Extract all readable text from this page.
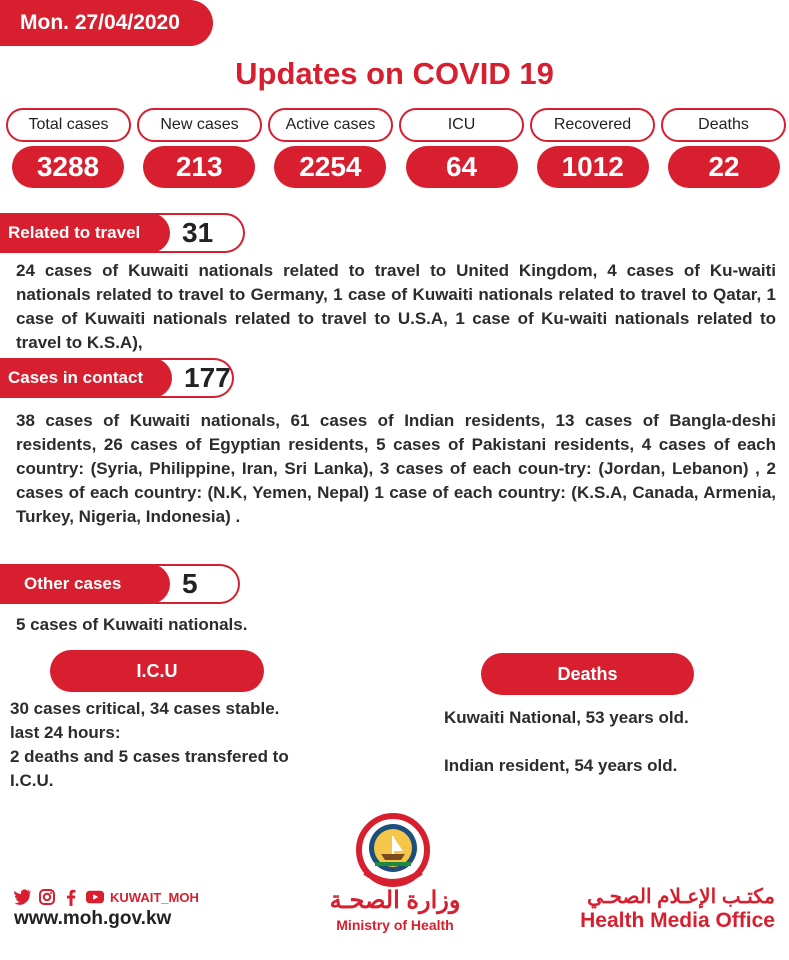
Mon. 27/04/2020
Updates on COVID 19
Total cases	New cases	Active cases	ICU	Recovered	Deaths
3288	213	2254	64	1012	22
Related to travel	31
24 cases of Kuwaiti nationals related to travel to United Kingdom, 4 cases of Ku-waiti nationals related to travel to Germany, 1 case of Kuwaiti nationals related to travel to Qatar, 1 case of Kuwaiti nationals related to travel to U.S.A, 1 case of Ku-waiti nationals related to travel to K.S.A),
Cases in contact	177
38 cases of Kuwaiti nationals, 61 cases of Indian residents, 13 cases of Bangla-deshi residents, 26 cases of Egyptian residents, 5 cases of Pakistani residents, 4 cases of each country: (Syria, Philippine, Iran, Sri Lanka), 3 cases of each coun-try: (Jordan, Lebanon) , 2 cases of each country: (N.K, Yemen, Nepal) 1 case of each country: (K.S.A, Canada, Armenia, Turkey, Nigeria, Indonesia) .
Other cases	5
5 cases of Kuwaiti nationals.
I.C.U
30 cases critical, 34 cases stable.
last 24 hours:
2 deaths and 5 cases transfered to
I.C.U.
Deaths
Kuwaiti National, 53 years old.
Indian resident, 54 years old.
KUWAIT_MOH
www.moh.gov.kw
وزارة الصحـة
Ministry of Health
مكتـب الإعـلام الصحـي
Health Media Office
